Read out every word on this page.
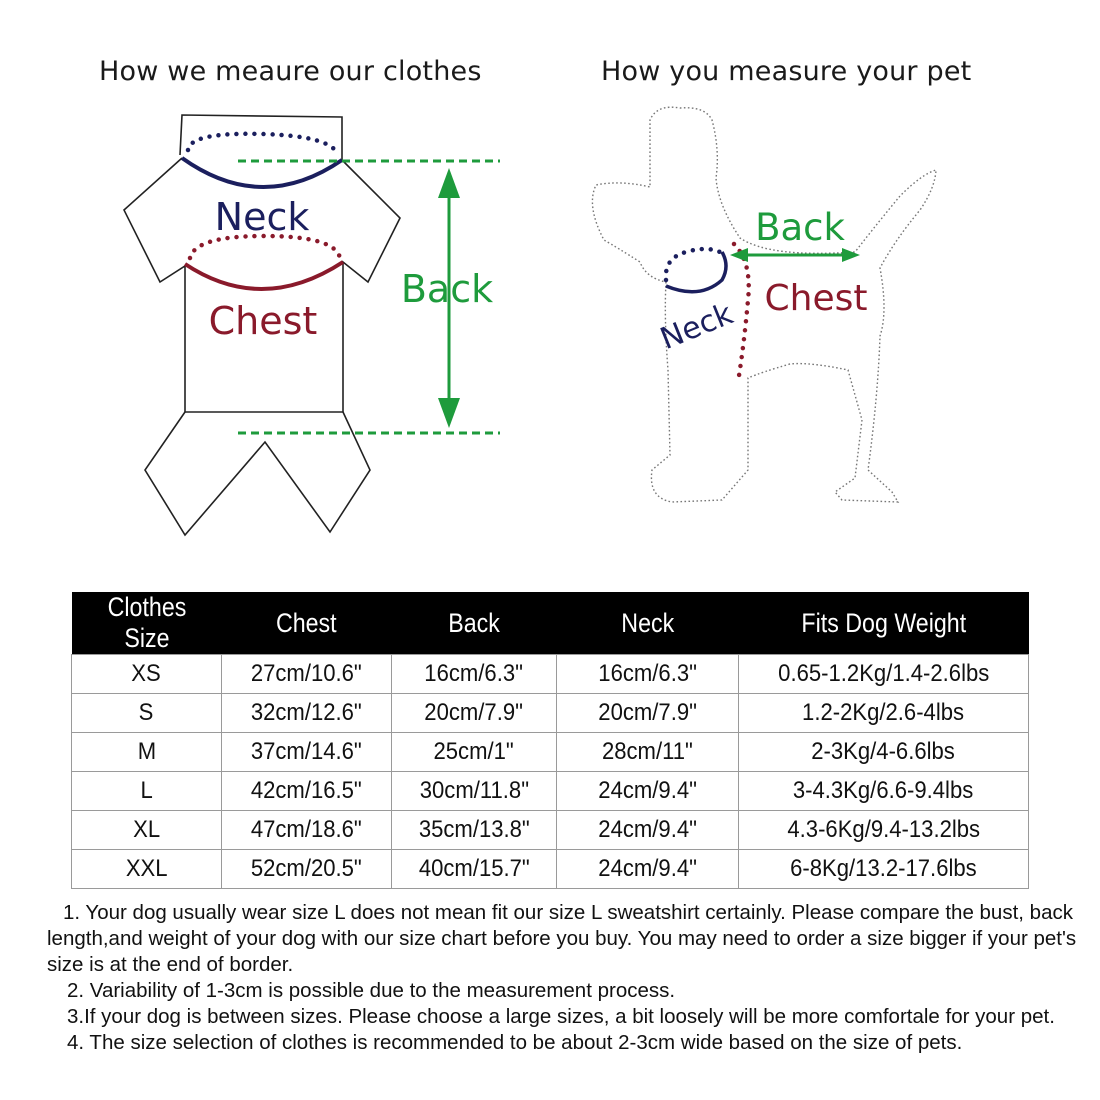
How we meaure our clothes	How you measure your pet
Neck
Chest
Back
Back
Chest
Neck
Clothes Size	Chest	Back	Neck	Fits Dog Weight
XS	27cm/10.6"	16cm/6.3"	16cm/6.3"	0.65-1.2Kg/1.4-2.6lbs
S	32cm/12.6"	20cm/7.9"	20cm/7.9"	1.2-2Kg/2.6-4lbs
M	37cm/14.6"	25cm/1"	28cm/11"	2-3Kg/4-6.6lbs
L	42cm/16.5"	30cm/11.8"	24cm/9.4"	3-4.3Kg/6.6-9.4lbs
XL	47cm/18.6"	35cm/13.8"	24cm/9.4"	4.3-6Kg/9.4-13.2lbs
XXL	52cm/20.5"	40cm/15.7"	24cm/9.4"	6-8Kg/13.2-17.6lbs

1. Your dog usually wear size L does not mean fit our size L sweatshirt certainly. Please compare the bust, back length,and weight of your dog with our size chart before you buy. You may need to order a size bigger if your pet's size is at the end of border.

2. Variability of 1-3cm is possible due to the measurement process.

3.If your dog is between sizes. Please choose a large sizes, a bit loosely will be more comfortale for your pet.

4. The size selection of clothes is recommended to be about 2-3cm wide based on the size of pets.
